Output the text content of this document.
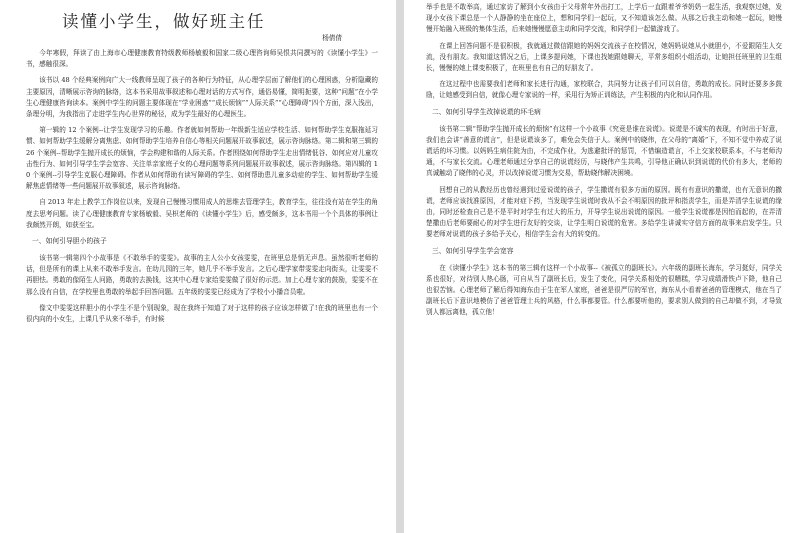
读懂小学生，做好班主任
杨倩倩

今年寒假，拜读了由上海市心理健康教育特级教师杨敏毅和国家二级心理咨询师吴恨共同撰写的《读懂小学生》一书，感触很深。

该书以 48 个经典案例向广大一线教师呈现了孩子的各种行为特征，从心理学层面了解他们的心理困惑，分析隐藏的主要原因，清晰展示咨询的脉络，这本书采用故事叙述和心理对话的方式写作，通俗易懂，简明扼要，这种“问题”在小学生心理健康咨询读本。案例中学生的问题主要体现在“学业困惑”“成长烦恼”“人际关系”“心理障碍”四个方面，深入浅出，条理分明，为我指出了走进学生内心世界的秘径，成为学生最好的心理医生。

第一辑的 12 个案例--让学生发现学习的乐趣。作者就如何帮助一年级新生适应学校生活、如何帮助学生克服拖延习惯、如何帮助学生缓解分离焦虑、如何帮助学生培养自信心等相关问题展开故事叙述，展示咨询脉络。第二辑和第三辑的 26 个案例--帮助学生抛开成长的烦恼，学会构建和谐的人际关系。作者围绕如何帮助学生走出情绪低谷、如何应对儿童攻击性行为、如何引导学生学会宽容、关注单亲家庭子女的心理问题等系列问题展开故事叙述，展示咨询脉络。第四辑的 10 个案例--引导学生克服心理障碍。作者从如何帮助有读写障碍的学生、如何帮助患儿童多动症的学生、如何帮助学生缓解焦虑情绪等一些问题展开故事叙述，展示咨询脉络。

自 2013 年走上教学工作岗位以来，发现自己慢慢习惯用成人的思维去管理学生，教育学生，往往没有站在学生的角度去思考问题。读了心理健康教育专家杨敏毅、吴枳老师的《读懂小学生》后，感受颇多，这本书用一个个具体的事例让我颇然开朗，如获至宝。

一、如何引导胆小的孩子

该书第一辑第四个小故事是《不敢举手的雯雯》。故事的主人公小女孩雯雯，在班里总是悄无声息。虽然很听老师的话，但是所有的课上从来不敢举手发言。在幼儿园的三年，她几乎不举手发言。之后心理学家带雯雯走向街头，让雯雯不再胆怯。勇敢的像陌生人问路，勇敢的去换钱，这其中心理专家给雯雯做了很好的示范。加上心理专家的鼓励，雯雯不在那么没有自信，在学校里也勇敢的举起手回答问题。五年级的雯雯已经成为了学校小小播音员啦。

像文中雯雯这样胆小的小学生不是个别现象，现在我终于知道了对于这样的孩子应该怎样做了!在我的班里也有一个很内向的小女生，上课几乎从来不举手，有时候

举手也是不敢举高，通过家访了解到小女孩由于父母常年外出打工，上学后一直跟着爷爷奶奶一起生活，我观察过她，发现小女孩下课总是一个人静静的坐在座位上，想和同学们一起玩，又不知道该怎么做。从那之后我主动和她一起玩，她慢慢开始融入班级的集体生活，后来她慢慢愿意主动和同学交流，和同学们一起做游戏了。

在课上回答问题不是很积极，我就通过微信跟她的妈妈交流孩子在校情况，她妈妈说她从小就胆小，不爱跟陌生人交流，没有朋友。我知道这情况之后，上课多提问她，下课也找她跟她聊天，平常多组织小组活动，让她担任班里的卫生组长，慢慢的她上课变积极了，在班里也有自己的好朋友了。

在这过程中也需要我们老师和家长进行沟通，家校联合，共同努力让孩子们可以自信，勇敢的成长。同时还要多多鼓励，让她感受到自信，就像心理专家说的一样，采用行为矫正训练法，产生积极的内化和认同作用。

二、如何引导学生改掉说谎的坏毛病

该书第二辑“帮助学生抛开成长的烦恼”有这样一个小故事《究竟是谁在说谎》。说谎是不诚实的表现，有时出于好意，我们也会讲“善意的谎言”，但是说谎该多了，难免会失信于人。案例中的晓伟，在父母的“离婚”下，不知不觉中养成了说谎话的坏习惯。以妈妈生病住院为由，不完成作业，为逃避批评的惩罚，不惜编造谎言，不上交家校联系本，不与老师沟通，不与家长交流。心理老师通过分享自己的说谎经历，与晓伟产生共鸣，引导他正确认识到说谎的代价有多大，老师的真诚触动了晓伟的心灵，并以改掉说谎习惯为交易，帮助晓伟解决困境。

回想自己的从教经历也曾经遇到过爱说谎的孩子，学生撒谎有很多方面的原因。既有有意识的撒谎，也有无意识的撒谎，老师应该找准原因，才能对症下药，当发现学生说谎时我从不会不明原因的批评和指责学生，而是弄清学生说谎的缘由，同时还检查自己是不是平时对学生有过大的压力，开导学生说出说谎的原因。一般学生说谎都是因怕而起的，在弄清楚撒由后老师要耐心的对学生进行友好的交谈，让学生明白说谎的危害。多给学生讲诚实守信方面的故事来启发学生。只要老师对说谎的孩子多给予关心，相信学生会有大的转变的。

三、如何引导学生学会宽容

在《读懂小学生》这本书的第三辑有这样一个小故事--《被孤立的副班长》。六年级的副班长海东，学习挺好，同学关系也很好，对待别人热心肠，可自从当了副班长后，发生了变化，同学关系相处的很糟糕，学习成绩滑铁卢下降，他自己也很苦恼。心理老师了解后得知海东由于生在军人家庭，爸爸是很严厉的军官，海东从小看着爸爸的管理模式，他在当了副班长后下意识地模仿了爸爸管理士兵的风格，什么事都要管。什么都要听他的，要求别人做到的自己却做不到，才导致别人都远离他，孤立他！
